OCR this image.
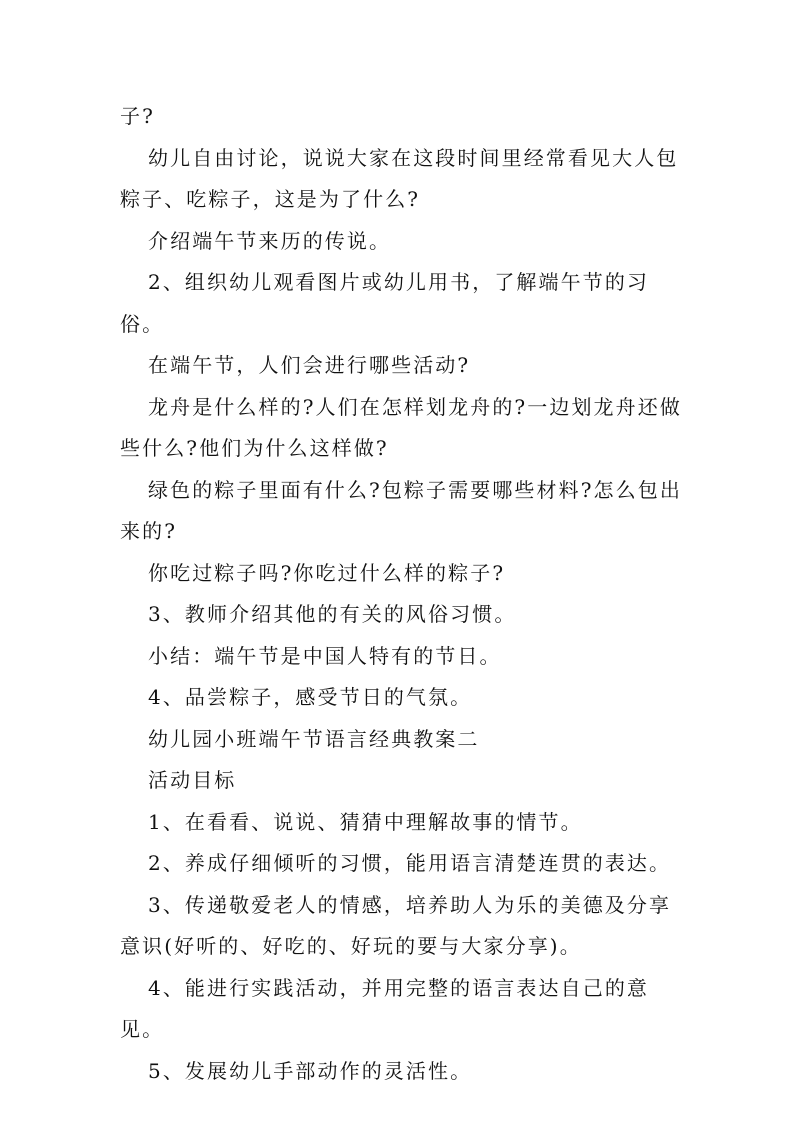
子?

幼儿自由讨论，说说大家在这段时间里经常看见大人包粽子、吃粽子，这是为了什么?

介绍端午节来历的传说。

2、组织幼儿观看图片或幼儿用书，了解端午节的习俗。

在端午节，人们会进行哪些活动?

龙舟是什么样的?人们在怎样划龙舟的?一边划龙舟还做些什么?他们为什么这样做?

绿色的粽子里面有什么?包粽子需要哪些材料?怎么包出来的?

你吃过粽子吗?你吃过什么样的粽子?

3、教师介绍其他的有关的风俗习惯。

小结：端午节是中国人特有的节日。

4、品尝粽子，感受节日的气氛。

幼儿园小班端午节语言经典教案二

活动目标

1、在看看、说说、猜猜中理解故事的情节。

2、养成仔细倾听的习惯，能用语言清楚连贯的表达。

3、传递敬爱老人的情感，培养助人为乐的美德及分享意识(好听的、好吃的、好玩的要与大家分享)。

4、能进行实践活动，并用完整的语言表达自己的意见。

5、发展幼儿手部动作的灵活性。
